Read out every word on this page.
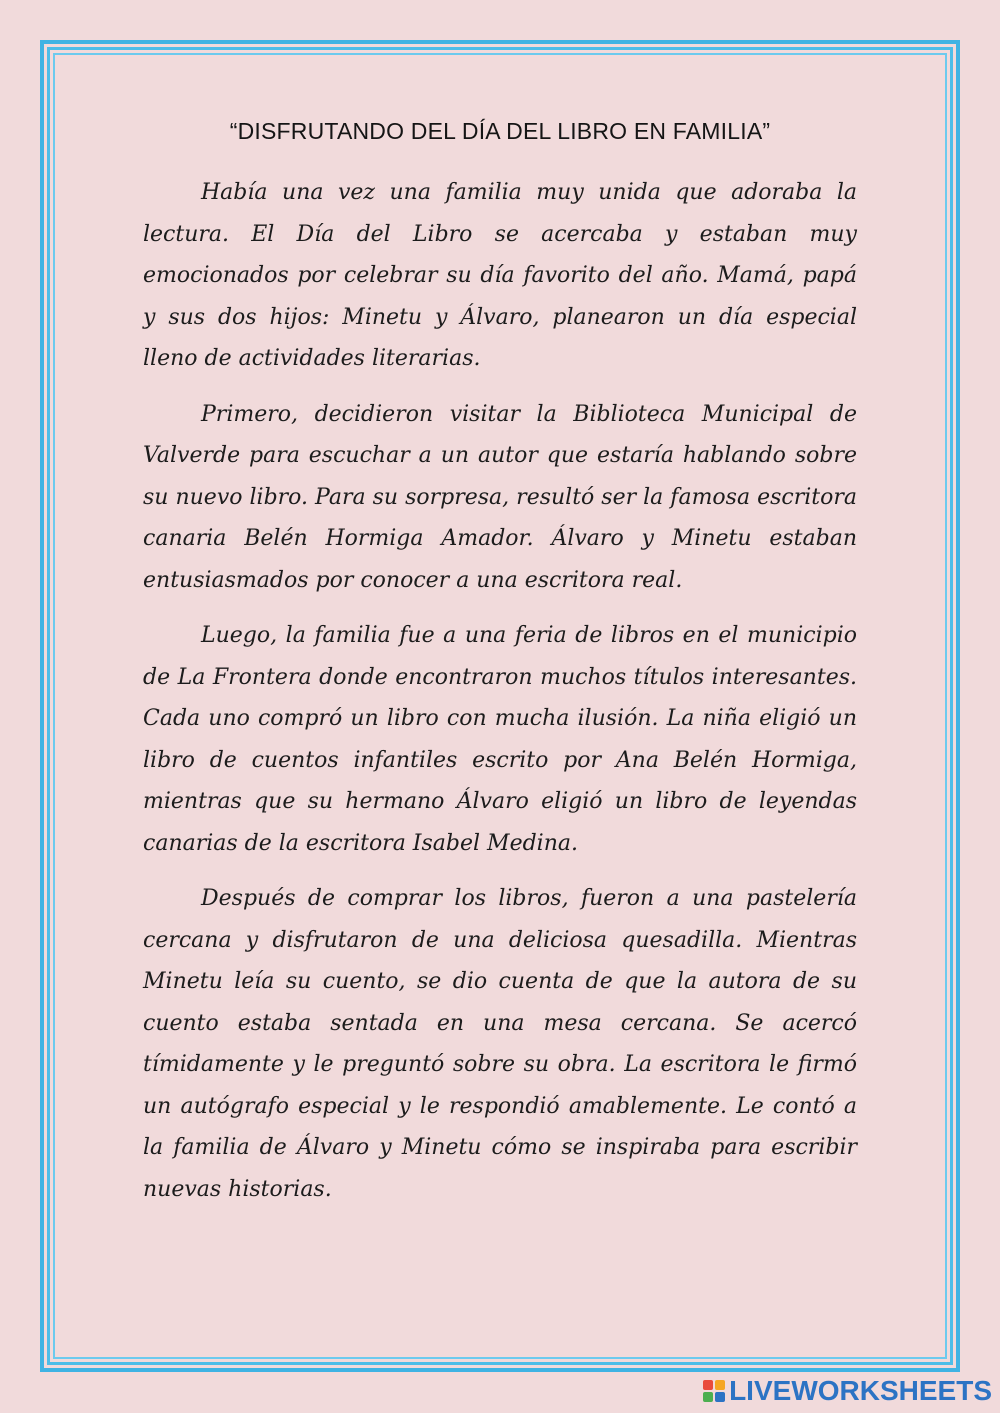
“DISFRUTANDO DEL DÍA DEL LIBRO EN FAMILIA”

Había una vez una familia muy unida que adoraba la lectura. El Día del Libro se acercaba y estaban muy emocionados por celebrar su día favorito del año. Mamá, papá y sus dos hijos: Minetu y Álvaro, planearon un día especial lleno de actividades literarias.

Primero, decidieron visitar la Biblioteca Municipal de Valverde para escuchar a un autor que estaría hablando sobre su nuevo libro. Para su sorpresa, resultó ser la famosa escritora canaria Belén Hormiga Amador. Álvaro y Minetu estaban entusiasmados por conocer a una escritora real.

Luego, la familia fue a una feria de libros en el municipio de La Frontera donde encontraron muchos títulos interesantes. Cada uno compró un libro con mucha ilusión. La niña eligió un libro de cuentos infantiles escrito por Ana Belén Hormiga, mientras que su hermano Álvaro eligió un libro de leyendas canarias de la escritora Isabel Medina.

Después de comprar los libros, fueron a una pastelería cercana y disfrutaron de una deliciosa quesadilla. Mientras Minetu leía su cuento, se dio cuenta de que la autora de su cuento estaba sentada en una mesa cercana. Se acercó tímidamente y le preguntó sobre su obra. La escritora le firmó un autógrafo especial y le respondió amablemente. Le contó a la familia de Álvaro y Minetu cómo se inspiraba para escribir nuevas historias.

LIVEWORKSHEETS
